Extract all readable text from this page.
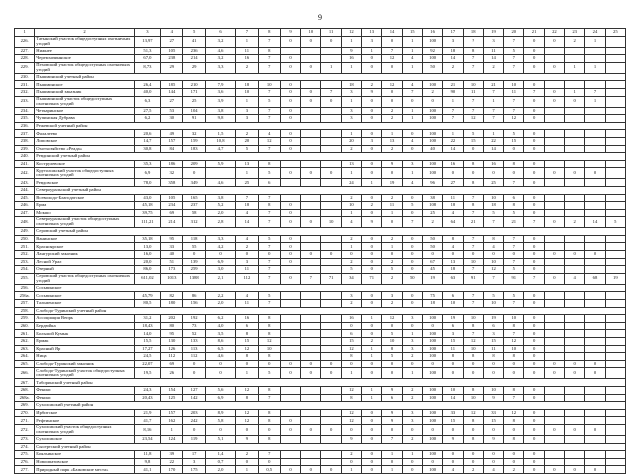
9
1	2	3	4	5	6	7	8	9	10	11	12	13	14	15	16	17	18	19	20	21	22	23	24	25
226.	Татынский участок общедоступных охотничьих угодий	13,97	27	41	3,2	1	7	0	0	0	1	3	0	1	100	3	?	3	7	0	0	2	1	
227.	Нижнее	51,3	105	236	4,6	11	8				9	1	7	1	92	18	8	11	5	0				
228.	Черемхачиннское	67,0	238	214	3,2	16	7	0			16	0	12	4	100	14	7	14	7	0				
229.	Пеховский участок общедоступных охотничьих угодий	8,73	29	29	3,3	2	7	0	0	1	1	0	0	1	50	2	7	2	7	0	0	1	1	
230.	Пышминский учетный район																							
231.	Пышминское	26,4	185	210	7,9	18	10	0			18	2	12	4	100	21	10	21	10	0				
232.	Пышминский заказник	40,0	144	171	3,6	10	7	0	0	7	3	9	0	7	2	90	11	7	11	7	0	1	7	
233.	Пышминский участок общедоступных охотничьих угодий	6,3	27	25	3,9	1	5	0	0	0	1	0	0	0	0	1	7	1	7	0	0	0	1	
234.	Четкаринское	27,5	53	104	3,8	3	7	0			3	0	2	1	100	7	7	7	7	0				
235.	Чупинская Дубрава	6,2	30	91	9,8	3	7	0			3	0	2	1	100	7	12	7	12	0				
236.	Режевской учетный район																							
237.	Фалалеево	20,6	49	32	1,5	2	4	0			1	0	1	0	100	1	5	1	5	0				
238.	Липовское	14,7	157	159	10,8	20	12	0			20	3	13	4	100	22	15	22	15	0				
239.	Охотхозяйство «Реада»	30,8	84	183	4,7	5	7	0			2	0	2	0	40	14	0	14	0	0				
240.	Ревдинский учетный район																							
241.	Кострулевское	35,3	186	209	5,9	13	8				13	0	9	3	100	16	8	16	8	0				
242.	Крутоложский участок общедоступных охотничьих угодий	6,9	32	0		1	5	0	0	0	1	0	0	1	100	0	0	0	0	0	0	0	0	
243.	Ревдовское	78,0	358	349	4,6	25	6				24	1	19	4	96	27	8	25	7	0				
244.	Североуральский учетный район																							
245.	Всеволодо-Благодатское	43,0	105	165	3,8	7	7				2	0	2	0	38	11	7	10	6	0				
246.	Ерма	45,18	234	237	5,2	18	8	0			10	2	11	5	108	18	8	18	8	0				
247.	Мокшо	39,75	69	58	2,0	4	7	0			1	0	1	0	25	4	7	5	5	0				
248.	Североуральский участок общедоступных охотничьих угодий	111,21	214	312	2,8	14	7	0	0	10	4	9	0	7	2	64	21	7	21	7	0	2	14	5
249.	Серовский учетный район																							
250.	Ванинское	35,18	95	118	3,3	4	5	0			2	0	2	0	50	8	7	8	7	0				
251.	Красноярское	13,0	33	55	4,2	2	7	0			1	0	1	0	50	4	7	4	7	0				
252.	Лангурский заказник	16,0	40	0	0	0	0	0	0	0	0	0	0	0	0	0	0	0	0	0	0	0	0	
253.	Лесной Урал	20,0	51	139	6,9	3	7	0			2	0	2	0	67	13	10	10	7	0				
254.	Озерный	86,0	173	259	3,0	11	7				5	0	5	0	45	18	7	12	5	0				
255.	Серовский участок общедоступных охотничьих угодий	611,02	1013	1388	2,1	112	7	0	7	71	34	71	2	50	19	63	91	7	91	7	0	4	68	19
256.	Сосьвинское																							
256a.	Сосьвинское	45,79	82	86	2,2	4	5				3	0	3	0	75	6	7	5	5	0				
257.	Тальменское	80,5	180	156	2,0	11	7				2	0	2	0	18	10	7	10	7	0				
258.	Слободо-Туринский учетный район																							
259.	Ассоциация Вепрь	31,2	202	192	6,2	16	8				16	1	12	3	100	19	10	19	10	0				
260.	Бердюйка	18,43	80	73	4,0	6	8				0	0	0	0	0	6	8	6	8	0				
261.	Большой Кумык	14,0	95	52	3,5	8	8				6	0	5	1	100	3	7	3	7	0				
262.	Ермак	15,5	130	133	8,6	15	12				15	2	10	3	100	15	12	15	12	0				
263.	Красный Яр	17,27	126	113	6,5	12	10				12	1	8	3	100	11	10	11	10	0				
264.	Ница	24,5	112	112	4,6	8	8				8	1	5	2	100	8	8	8	8	0				
265.	Слобода-Туринский заказник	22,07	69	0	0	0	0	0	0	0	0	0	0	0	0	0	0	0	0	0	0	0	0	
266.	Слободо-Туринский участок общедоступных охотничьих угодий	19,5	26	0	0	1	5	0	0	0	1	0	0	1	100	0	0	0	0	0	0	0	0	
267.	Таборинский учетный район																							
268.	Фениас	24,3	154	127	5,6	12	8				12	1	9	2	100	10	8	10	8	0				
268a.	Фениас	20,43	125	142	6,9	8	7				8	1	6	2	100	14	10	9	7	0				
269.	Сухоложский учетный район																							
270.	Ирбитское	21,9	157	203	8,9	12	8				12	0	9	3	100	33	12	33	12	0				
271.	Рефтинское	41,7	162	242	5,8	12	8	0			12	0	9	3	100	15	8	15	8	0				
272.	Сухоложский участок общедоступных охотничьих угодий	8,16	1	0	0	0	0	0	0	0	0	0	0	0	0	0	0	0	0	0	0	0	0	
273.	Сухоложское	23,54	124	119	5,1	9	8				9	0	7	2	100	9	8	9	8	0				
274.	Сысертский учетный район																							
275.	Бояльинское	11,8	39	17	1,4	2	7				2	0	1	1	100	0	0	0	0	0				
276.	Новоипатовское	9,8	22	3	0,7	0	0				0	0	0	0	0	0	0	0	0	0				
277.	Природный парк «Бажовские места»	41,1	170	175	2,0	1	0,5	0	0	0	1	0	1	0	100	4	2	4	2	0	0	0	0	
